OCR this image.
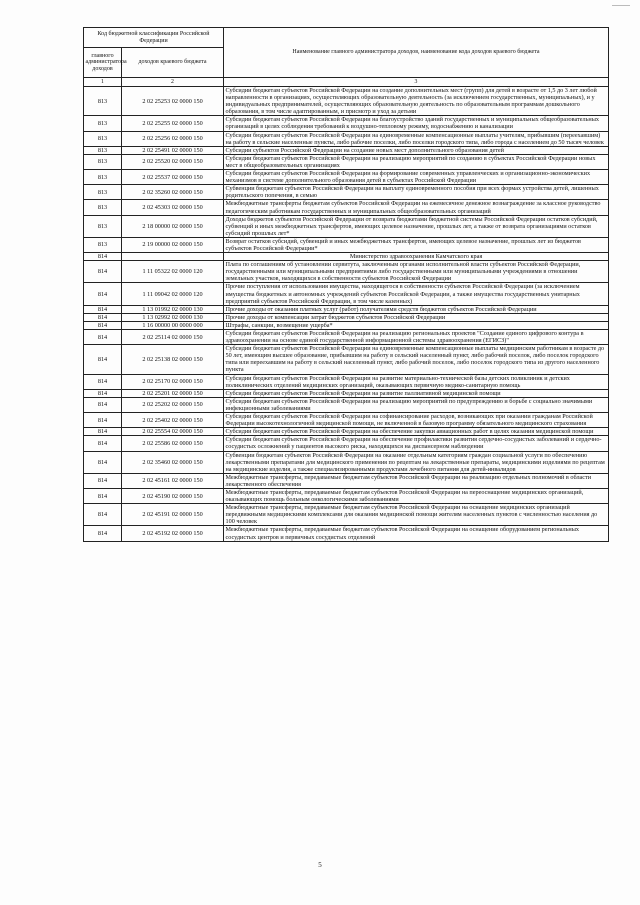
Код бюджетной классификации Российской Федерации		Наименование главного администратора доходов, наименование кода доходов краевого бюджета
главного администратора доходов	доходов краевого бюджета	
1	2	3
813	2 02 25253 02 0000 150	Субсидии бюджетам субъектов Российской Федерации на создание дополнительных мест (групп) для детей в возрасте от 1,5 до 3 лет любой направленности в организациях, осуществляющих образовательную деятельность (за исключением государственных, муниципальных), и у индивидуальных предпринимателей, осуществляющих образовательную деятельность по образовательным программам дошкольного образования, в том числе адаптированным, и присмотр и уход за детьми
813	2 02 25255 02 0000 150	Субсидии бюджетам субъектов Российской Федерации на благоустройство зданий государственных и муниципальных общеобразовательных организаций в целях соблюдения требований к воздушно-тепловому режиму, водоснабжению и канализации
813	2 02 25256 02 0000 150	Субсидии бюджетам субъектов Российской Федерации на единовременные компенсационные выплаты учителям, прибывшим (переехавшим) на работу в сельские населенные пункты, либо рабочие поселки, либо поселки городского типа, либо города с населением до 50 тысяч человек
813	2 02 25491 02 0000 150	Субсидии субъектов Российской Федерации на создание новых мест дополнительного образования детей
813	2 02 25520 02 0000 150	Субсидии бюджетам субъектов Российской Федерации на реализацию мероприятий по созданию в субъектах Российской Федерации новых мест в общеобразовательных организациях
813	2 02 25537 02 0000 150	Субсидии бюджетам субъектов Российской Федерации на формирование современных управленческих и организационно-экономических механизмов в системе дополнительного образования детей в субъектах Российской Федерации
813	2 02 35260 02 0000 150	Субвенции бюджетам субъектов Российской Федерации на выплату единовременного пособия при всех формах устройства детей, лишенных родительского попечения, в семью
813	2 02 45303 02 0000 150	Межбюджетные трансферты бюджетам субъектов Российской Федерации на ежемесячное денежное вознаграждение за классное руководство педагогическим работникам государственных и муниципальных общеобразовательных организаций
813	2 18 00000 02 0000 150	Доходы бюджетов субъектов Российской Федерации от возврата бюджетами бюджетной системы Российской Федерации остатков субсидий, субвенций и иных межбюджетных трансфертов, имеющих целевое назначение, прошлых лет, а также от возврата организациями остатков субсидий прошлых лет*
813	2 19 00000 02 0000 150	Возврат остатков субсидий, субвенций и иных межбюджетных трансфертов, имеющих целевое назначение, прошлых лет из бюджетов субъектов Российской Федерации*
814		Министерство здравоохранения Камчатского края
814	1 11 05322 02 0000 120	Плата по соглашениям об установлении сервитута, заключенным органами исполнительной власти субъектов Российской Федерации, государственными или муниципальными предприятиями либо государственными или муниципальными учреждениями в отношении земельных участков, находящихся в собственности субъектов Российской Федерации
814	1 11 09042 02 0000 120	Прочие поступления от использования имущества, находящегося в собственности субъектов Российской Федерации (за исключением имущества бюджетных и автономных учреждений субъектов Российской Федерации, а также имущества государственных унитарных предприятий субъектов Российской Федерации, в том числе казенных)
814	1 13 01992 02 0000 130	Прочие доходы от оказания платных услуг (работ) получателями средств бюджетов субъектов Российской Федерации
814	1 13 02992 02 0000 130	Прочие доходы от компенсации затрат бюджетов субъектов Российской Федерации
814	1 16 00000 00 0000 000	Штрафы, санкции, возмещение ущерба*
814	2 02 25114 02 0000 150	Субсидии бюджетам субъектов Российской Федерации на реализацию региональных проектов "Создание единого цифрового контура в здравоохранении на основе единой государственной информационной системы здравоохранения (ЕГИСЗ)"
814	2 02 25138 02 0000 150	Субсидии бюджетам субъектов Российской Федерации на единовременные компенсационные выплаты медицинским работникам в возрасте до 50 лет, имеющим высшее образование, прибывшим на работу в сельский населенный пункт, либо рабочий поселок, либо поселок городского типа или переехавшим на работу в сельский населенный пункт, либо рабочий поселок, либо поселок городского типа из другого населенного пункта
814	2 02 25170 02 0000 150	Субсидии бюджетам субъектов Российской Федерации на развитие материально-технической базы детских поликлиник и детских поликлинических отделений медицинских организаций, оказывающих первичную медико-санитарную помощь
814	2 02 25201 02 0000 150	Субсидии бюджетам субъектов Российской Федерации на развитие паллиативной медицинской помощи
814	2 02 25202 02 0000 150	Субсидии бюджетам субъектов Российской Федерации на реализацию мероприятий по предупреждению и борьбе с социально значимыми инфекционными заболеваниями
814	2 02 25402 02 0000 150	Субсидии бюджетам субъектов Российской Федерации на софинансирование расходов, возникающих при оказании гражданам Российской Федерации высокотехнологичной медицинской помощи, не включенной в базовую программу обязательного медицинского страхования
814	2 02 25554 02 0000 150	Субсидии бюджетам субъектов Российской Федерации на обеспечение закупки авиационных работ в целях оказания медицинской помощи
814	2 02 25586 02 0000 150	Субсидии бюджетам субъектов Российской Федерации на обеспечение профилактики развития сердечно-сосудистых заболеваний и сердечно-сосудистых осложнений у пациентов высокого риска, находящихся на диспансерном наблюдении
814	2 02 35460 02 0000 150	Субвенции бюджетам субъектов Российской Федерации на оказание отдельным категориям граждан социальной услуги по обеспечению лекарственными препаратами для медицинского применения по рецептам на лекарственные препараты, медицинскими изделиями по рецептам на медицинские изделия, а также специализированными продуктами лечебного питания для детей-инвалидов
814	2 02 45161 02 0000 150	Межбюджетные трансферты, передаваемые бюджетам субъектов Российской Федерации на реализацию отдельных полномочий в области лекарственного обеспечения
814	2 02 45190 02 0000 150	Межбюджетные трансферты, передаваемые бюджетам субъектов Российской Федерации на переоснащение медицинских организаций, оказывающих помощь больным онкологическими заболеваниями
814	2 02 45191 02 0000 150	Межбюджетные трансферты, передаваемые бюджетам субъектов Российской Федерации на оснащение медицинских организаций передвижными медицинскими комплексами для оказания медицинской помощи жителям населенных пунктов с численностью населения до 100 человек
814	2 02 45192 02 0000 150	Межбюджетные трансферты, передаваемые бюджетам субъектов Российской Федерации на оснащение оборудованием региональных сосудистых центров и первичных сосудистых отделений
5
